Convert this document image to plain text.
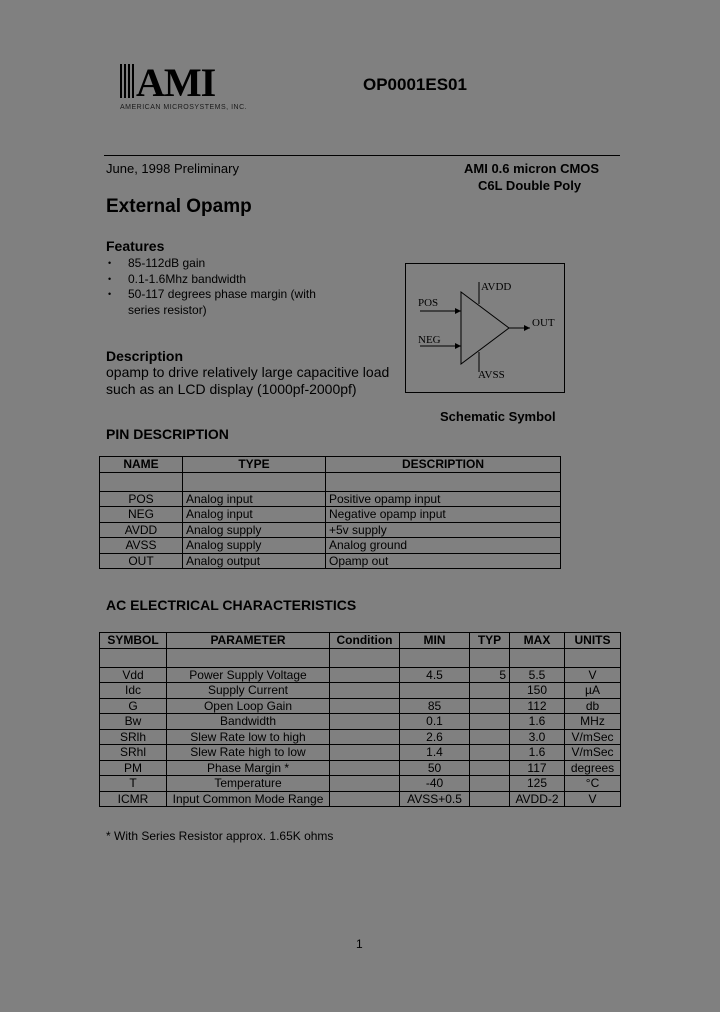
AMI
AMERICAN MICROSYSTEMS, INC.
OP0001ES01
June, 1998 Preliminary	AMI 0.6 micron CMOS
C6L Double Poly
External Opamp
Features
• 85-112dB gain
• 0.1-1.6Mhz bandwidth
• 50-117 degrees phase margin (with series resistor)
Description
opamp to drive relatively large capacitive load such as an LCD display (1000pf-2000pf)
POS
NEG
AVDD
AVSS
OUT
Schematic Symbol
PIN DESCRIPTION
NAME	TYPE	DESCRIPTION

POS	Analog input	Positive opamp input
NEG	Analog input	Negative opamp input
AVDD	Analog supply	+5v supply
AVSS	Analog supply	Analog ground
OUT	Analog output	Opamp out
AC ELECTRICAL CHARACTERISTICS
SYMBOL	PARAMETER	Condition	MIN	TYP	MAX	UNITS

Vdd	Power Supply Voltage		4.5	5	5.5	V
Idc	Supply Current				150	µA
G	Open Loop Gain		85		112	db
Bw	Bandwidth		0.1		1.6	MHz
SRlh	Slew Rate low to high		2.6		3.0	V/mSec
SRhl	Slew Rate high to low		1.4		1.6	V/mSec
PM	Phase Margin *		50		117	degrees
T	Temperature		-40		125	°C
ICMR	Input Common Mode Range		AVSS+0.5		AVDD-2	V
* With Series Resistor approx. 1.65K ohms
1
